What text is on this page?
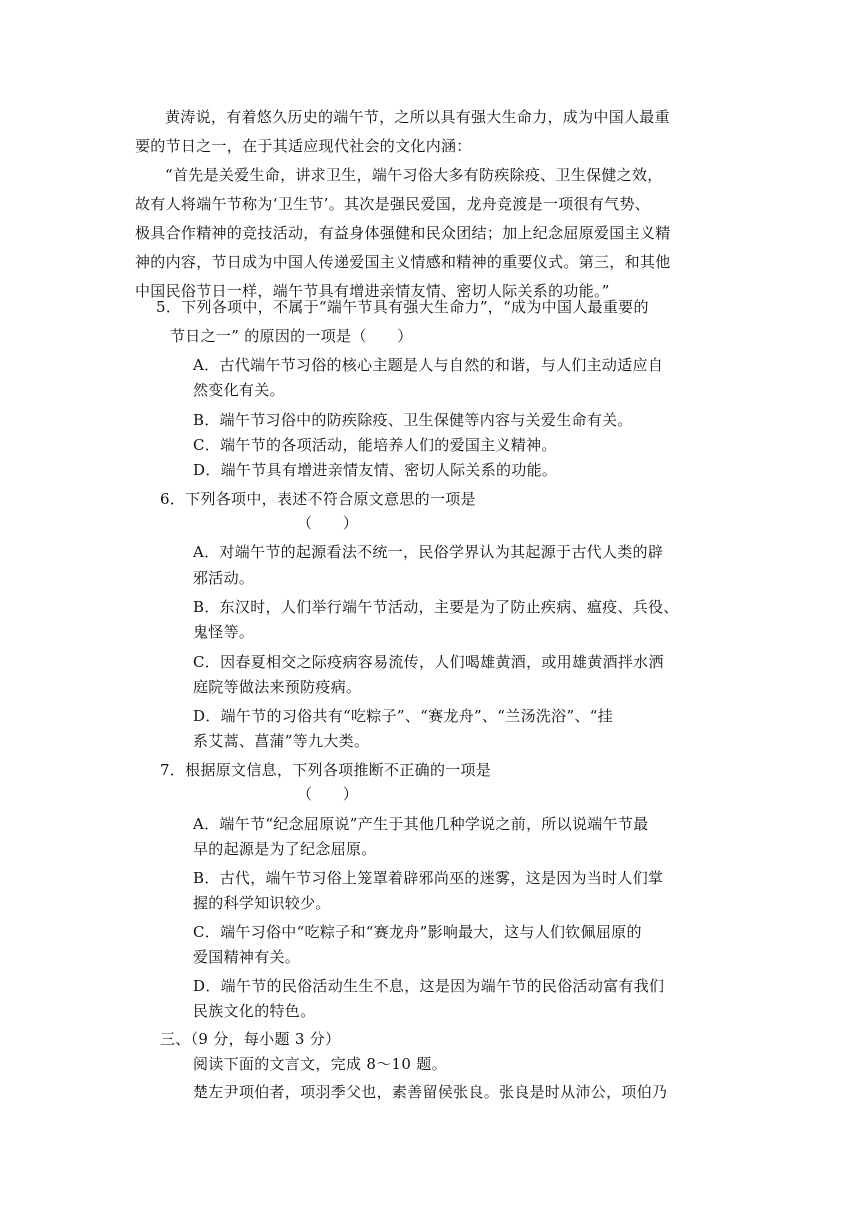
黄涛说，有着悠久历史的端午节，之所以具有强大生命力，成为中国人最重
要的节日之一，在于其适应现代社会的文化内涵：
“首先是关爱生命，讲求卫生，端午习俗大多有防疾除疫、卫生保健之效，
故有人将端午节称为‘卫生节’。其次是强民爱国，龙舟竞渡是一项很有气势、
极具合作精神的竞技活动，有益身体强健和民众团结；加上纪念屈原爱国主义精
神的内容，节日成为中国人传递爱国主义情感和精神的重要仪式。第三，和其他
中国民俗节日一样，端午节具有增进亲情友情、密切人际关系的功能。”
5．下列各项中，不属于“端午节具有强大生命力”，“成为中国人最重要的
节日之一” 的原因的一项是（　　）
A．古代端午节习俗的核心主题是人与自然的和谐，与人们主动适应自
然变化有关。
B．端午节习俗中的防疾除疫、卫生保健等内容与关爱生命有关。
C．端午节的各项活动，能培养人们的爱国主义精神。
D．端午节具有增进亲情友情、密切人际关系的功能。
6．下列各项中，表述不符合原文意思的一项是
（　　）
A．对端午节的起源看法不统一，民俗学界认为其起源于古代人类的辟
邪活动。
B．东汉时，人们举行端午节活动，主要是为了防止疾病、瘟疫、兵役、
鬼怪等。
C．因春夏相交之际疫病容易流传，人们喝雄黄酒，或用雄黄酒拌水洒
庭院等做法来预防疫病。
D．端午节的习俗共有“吃粽子”、“赛龙舟”、“兰汤洗浴”、“挂
系艾蒿、菖蒲”等九大类。
7．根据原文信息，下列各项推断不正确的一项是
（　　）
A．端午节“纪念屈原说”产生于其他几种学说之前，所以说端午节最
早的起源是为了纪念屈原。
B．古代，端午节习俗上笼罩着辟邪尚巫的迷雾，这是因为当时人们掌
握的科学知识较少。
C．端午习俗中“吃粽子和“赛龙舟”影响最大，这与人们钦佩屈原的
爱国精神有关。
D．端午节的民俗活动生生不息，这是因为端午节的民俗活动富有我们
民族文化的特色。
三、（9 分，每小题 3 分）
阅读下面的文言文，完成 8～10 题。
楚左尹项伯者，项羽季父也，素善留侯张良。张良是时从沛公，项伯乃
